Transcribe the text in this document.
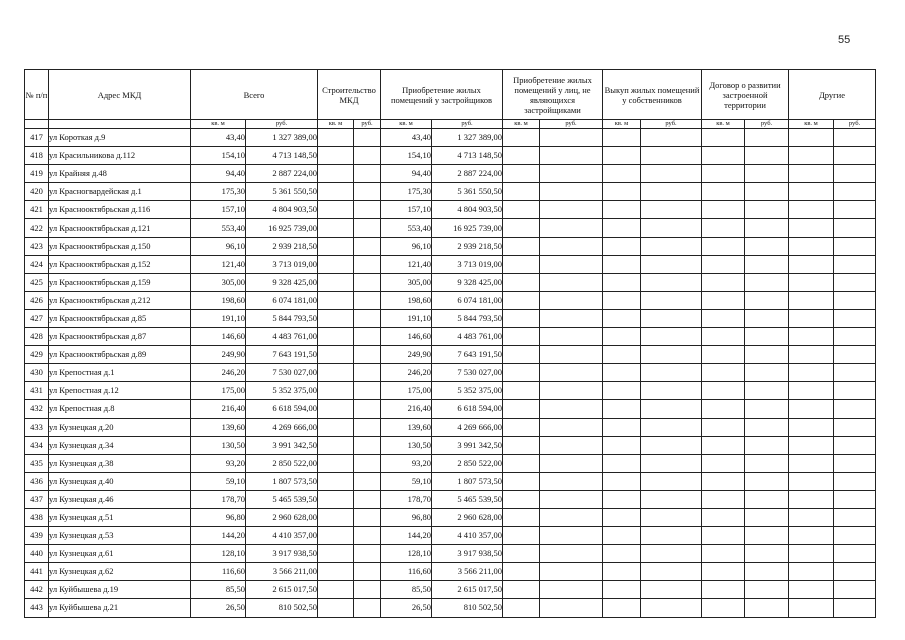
55
№ п/п	Адрес МКД	Всего		Строительство МКД		Приобретение жилых помещений у застройщиков		Приобретение жилых помещений у лиц, не являющихся застройщиками		Выкуп жилых помещений у собственников		Договор о развитии застроенной территории		Другие	
		кв. м	руб.	кв. м	руб.	кв. м	руб.	кв. м	руб.	кв. м	руб.	кв. м	руб.	кв. м	руб.
417	ул Короткая д.9	43,40	1 327 389,00			43,40	1 327 389,00								
418	ул Красильникова д.112	154,10	4 713 148,50			154,10	4 713 148,50								
419	ул Крайняя д.48	94,40	2 887 224,00			94,40	2 887 224,00								
420	ул Красногвардейская д.1	175,30	5 361 550,50			175,30	5 361 550,50								
421	ул Краснооктябрьская д.116	157,10	4 804 903,50			157,10	4 804 903,50								
422	ул Краснооктябрьская д.121	553,40	16 925 739,00			553,40	16 925 739,00								
423	ул Краснооктябрьская д.150	96,10	2 939 218,50			96,10	2 939 218,50								
424	ул Краснооктябрьская д.152	121,40	3 713 019,00			121,40	3 713 019,00								
425	ул Краснооктябрьская д.159	305,00	9 328 425,00			305,00	9 328 425,00								
426	ул Краснооктябрьская д.212	198,60	6 074 181,00			198,60	6 074 181,00								
427	ул Краснооктябрьская д.85	191,10	5 844 793,50			191,10	5 844 793,50								
428	ул Краснооктябрьская д.87	146,60	4 483 761,00			146,60	4 483 761,00								
429	ул Краснооктябрьская д.89	249,90	7 643 191,50			249,90	7 643 191,50								
430	ул Крепостная д.1	246,20	7 530 027,00			246,20	7 530 027,00								
431	ул Крепостная д.12	175,00	5 352 375,00			175,00	5 352 375,00								
432	ул Крепостная д.8	216,40	6 618 594,00			216,40	6 618 594,00								
433	ул Кузнецкая д.20	139,60	4 269 666,00			139,60	4 269 666,00								
434	ул Кузнецкая д.34	130,50	3 991 342,50			130,50	3 991 342,50								
435	ул Кузнецкая д.38	93,20	2 850 522,00			93,20	2 850 522,00								
436	ул Кузнецкая д.40	59,10	1 807 573,50			59,10	1 807 573,50								
437	ул Кузнецкая д.46	178,70	5 465 539,50			178,70	5 465 539,50								
438	ул Кузнецкая д.51	96,80	2 960 628,00			96,80	2 960 628,00								
439	ул Кузнецкая д.53	144,20	4 410 357,00			144,20	4 410 357,00								
440	ул Кузнецкая д.61	128,10	3 917 938,50			128,10	3 917 938,50								
441	ул Кузнецкая д.62	116,60	3 566 211,00			116,60	3 566 211,00								
442	ул Куйбышева д.19	85,50	2 615 017,50			85,50	2 615 017,50								
443	ул Куйбышева д.21	26,50	810 502,50			26,50	810 502,50								
